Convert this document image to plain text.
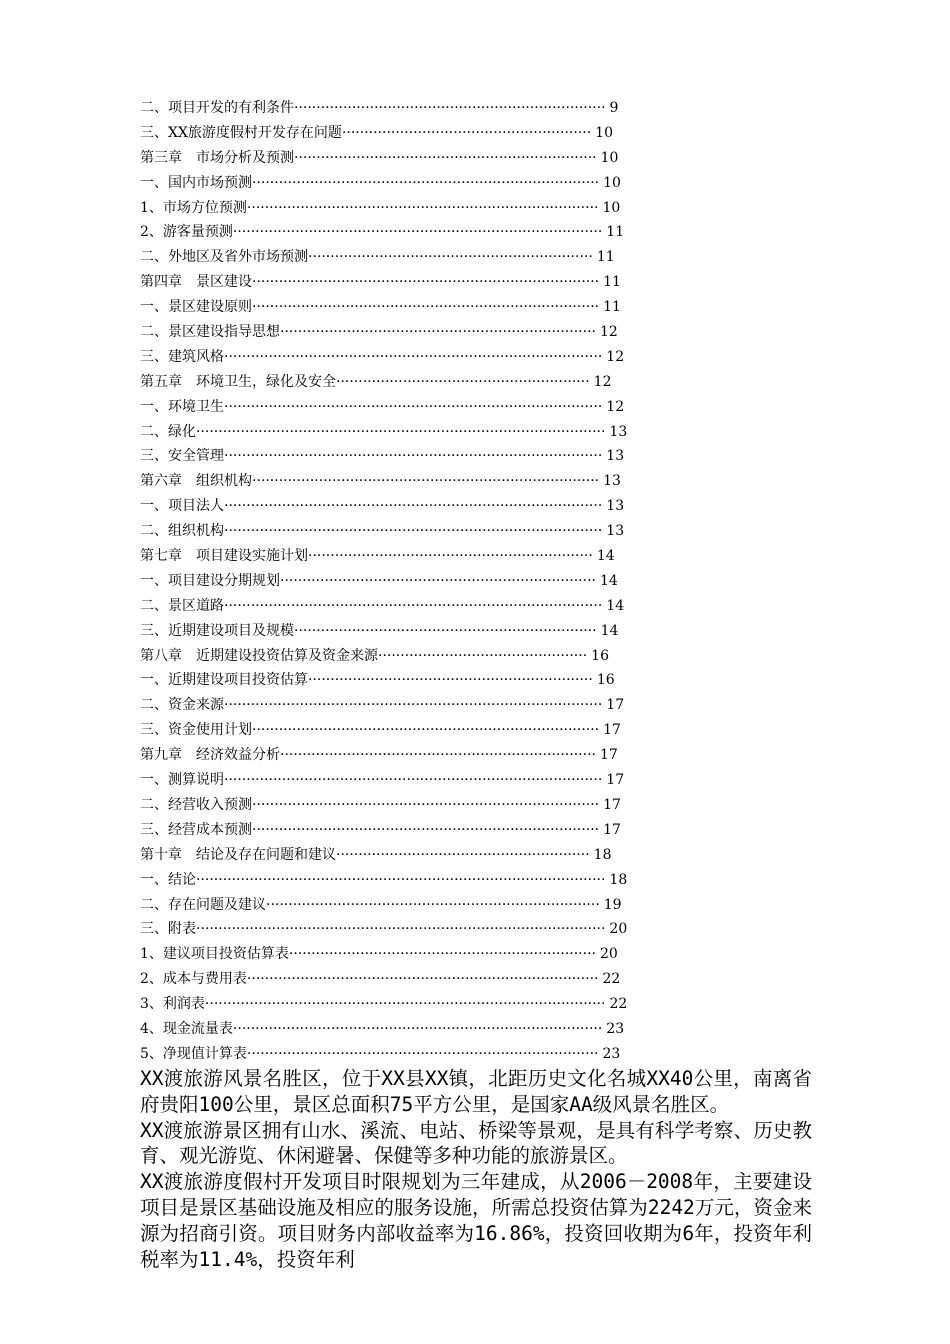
二、项目开发的有利条件 ······································································ 9
三、XX旅游度假村开发存在问题 ························································ 10
第三章　市场分析及预测 ···································································· 10
一、国内市场预测 ·············································································· 10
1、市场方位预测 ··············································································· 10
2、游客量预测 ··················································································· 11
二、外地区及省外市场预测 ································································ 11
第四章　景区建设 ·············································································· 11
一、景区建设原则 ·············································································· 11
二、景区建设指导思想 ······································································· 12
三、建筑风格 ····················································································· 12
第五章　环境卫生，绿化及安全 ························································· 12
一、环境卫生 ····················································································· 12
二、绿化 ···························································································· 13
三、安全管理 ····················································································· 13
第六章　组织机构 ·············································································· 13
一、项目法人 ····················································································· 13
二、组织机构 ····················································································· 13
第七章　项目建设实施计划 ································································ 14
一、项目建设分期规划 ······································································· 14
二、景区道路 ····················································································· 14
三、近期建设项目及规模 ···································································· 14
第八章　近期建设投资估算及资金来源 ··············································· 16
一、近期建设项目投资估算 ································································ 16
二、资金来源 ····················································································· 17
三、资金使用计划 ·············································································· 17
第九章　经济效益分析 ······································································· 17
一、测算说明 ····················································································· 17
二、经营收入预测 ·············································································· 17
三、经营成本预测 ·············································································· 17
第十章　结论及存在问题和建议 ························································· 18
一、结论 ···························································································· 18
二、存在问题及建议 ··········································································· 19
三、附表 ···························································································· 20
1、建议项目投资估算表 ····································································· 20
2、成本与费用表 ··············································································· 22
3、利润表 ·························································································· 22
4、现金流量表 ··················································································· 23
5、净现值计算表 ··············································································· 23

XX渡旅游风景名胜区，位于XX县XX镇，北距历史文化名城XX40公里，南离省府贵阳100公里，景区总面积75平方公里，是国家AA级风景名胜区。

XX渡旅游景区拥有山水、溪流、电站、桥梁等景观，是具有科学考察、历史教育、观光游览、休闲避暑、保健等多种功能的旅游景区。

XX渡旅游度假村开发项目时限规划为三年建成，从2006－2008年，主要建设项目是景区基础设施及相应的服务设施，所需总投资估算为2242万元，资金来源为招商引资。项目财务内部收益率为16.86%，投资回收期为6年，投资年利税率为11.4%，投资年利
